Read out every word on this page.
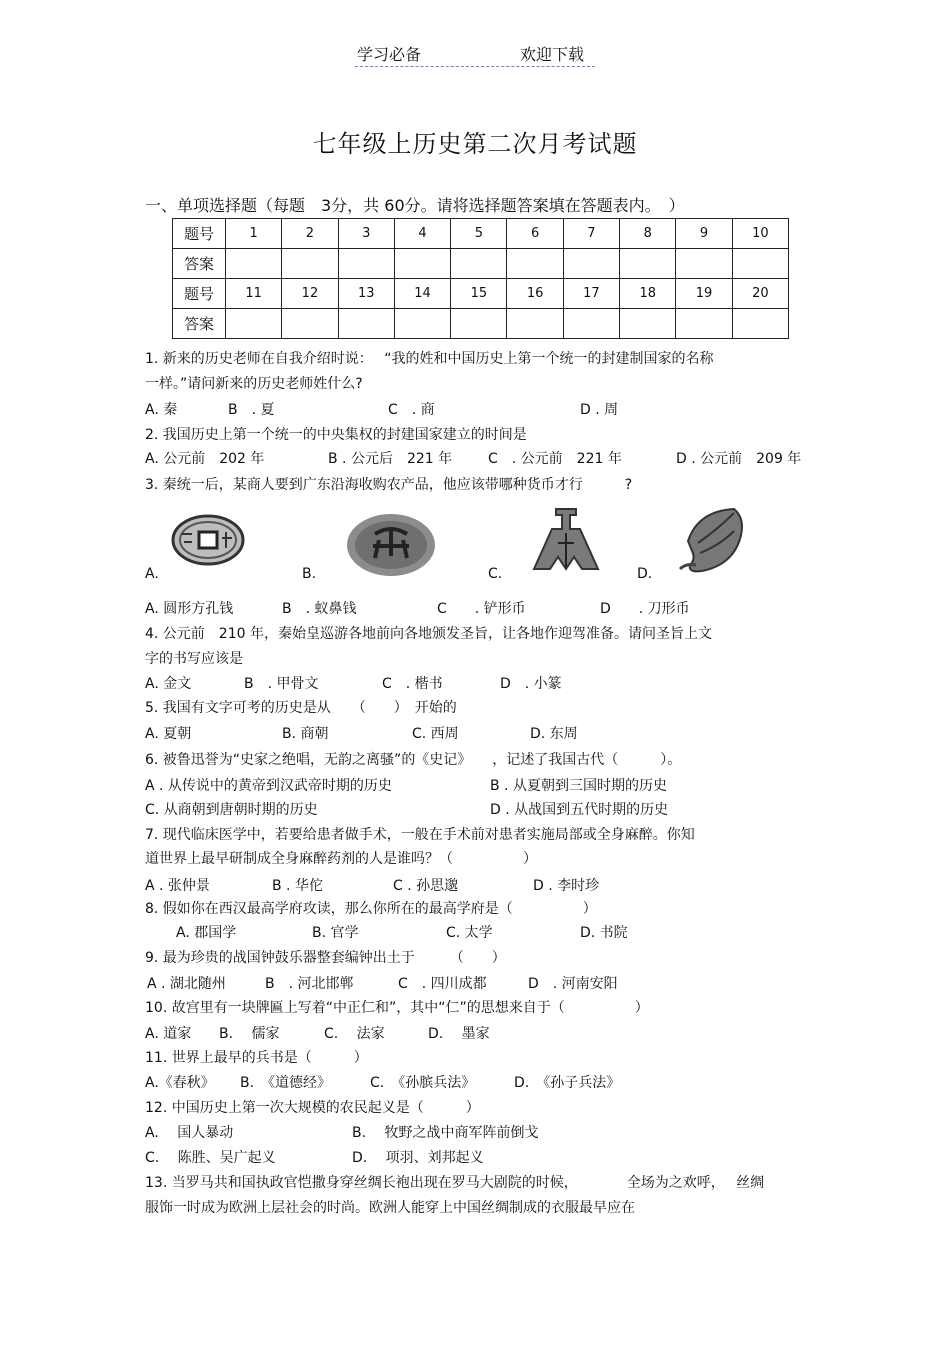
学习必备	欢迎下载
七年级上历史第二次月考试题
一、单项选择题（每题　3分，共 60分。请将选择题答案填在答题表内。　）
题号	1	2	3	4	5	6	7	8	9	10
答案										
题号	11	12	13	14	15	16	17	18	19	20
答案										
1. 新来的历史老师在自我介绍时说：　 “我的姓和中国历史上第一个统一的封建制国家的名称
一样。”请问新来的历史老师姓什么?
A. 秦	B　. 夏	C　. 商	D . 周
2. 我国历史上第一个统一的中央集权的封建国家建立的时间是
A. 公元前　202 年	B . 公元后　221 年	C　. 公元前　221 年	D . 公元前　209 年
3. 秦统一后，某商人要到广东沿海收购农产品，他应该带哪种货币才行　　　?
A.	B.	C.	D.
A. 圆形方孔钱	B　. 蚁鼻钱	C　　. 铲形币	D　　. 刀形币
4. 公元前　210 年，秦始皇巡游各地前向各地颁发圣旨，让各地作迎驾准备。请问圣旨上文
字的书写应该是
A. 金文	B　. 甲骨文	C　. 楷书	D　. 小篆
5. 我国有文字可考的历史是从　　（　　）　开始的
A. 夏朝	B. 商朝	C. 西周	D. 东周
6. 被鲁迅誉为“史家之绝唱，无韵之离骚”的《史记》　　，记述了我国古代（　　　）。
A . 从传说中的黄帝到汉武帝时期的历史	B . 从夏朝到三国时期的历史
C. 从商朝到唐朝时期的历史	D . 从战国到五代时期的历史
7. 现代临床医学中，若要给患者做手术，一般在手术前对患者实施局部或全身麻醉。你知
道世界上最早研制成全身麻醉药剂的人是谁吗？（　　　　　）
A . 张仲景	B . 华佗	C . 孙思邈	D . 李时珍
8. 假如你在西汉最高学府攻读，那么你所在的最高学府是（　　　　　）
A. 郡国学	B. 官学	C. 太学	D. 书院
9. 最为珍贵的战国钟鼓乐器整套编钟出土于　　　（　　）
A . 湖北随州	B　. 河北邯郸	C　. 四川成都	D　. 河南安阳
10. 故宫里有一块牌匾上写着“中正仁和”，其中“仁”的思想来自于（　　　　　）
A. 道家 B.　 儒家	C.　 法家	D.　 墨家
11. 世界上最早的兵书是（　　　）
A.《春秋》 B.　《道德经》	C.　《孙膑兵法》	D.　《孙子兵法》
12. 中国历史上第一次大规模的农民起义是（　　　）
A.　 国人暴动	B.　 牧野之战中商军阵前倒戈
C.　 陈胜、吴广起义	D.　 项羽、刘邦起义
13. 当罗马共和国执政官恺撒身穿丝绸长袍出现在罗马大剧院的时候，　　　　全场为之欢呼，　 丝绸
服饰一时成为欧洲上层社会的时尚。欧洲人能穿上中国丝绸制成的衣服最早应在
